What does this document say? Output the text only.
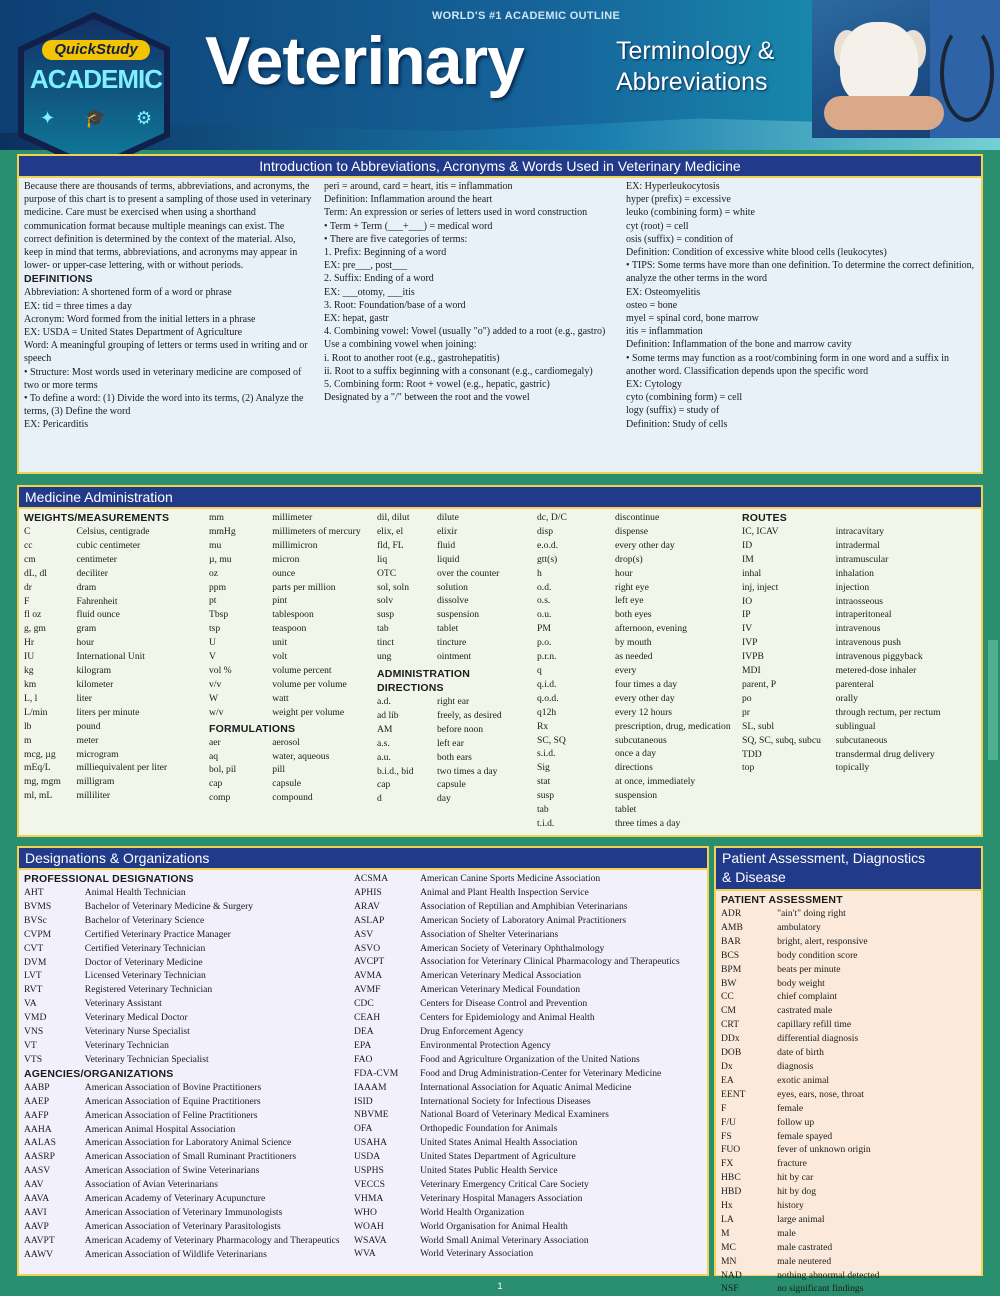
WORLD'S #1 ACADEMIC OUTLINE
Veterinary	Terminology &
Abbreviations
QuickStudy
ACADEMIC
✦ 🎓 ⚙
Introduction to Abbreviations, Acronyms & Words Used in Veterinary Medicine
Because there are thousands of terms, abbreviations, and acronyms, the purpose of this chart is to present a sampling of those used in veterinary medicine. Care must be exercised when using a shorthand communication format because multiple meanings can exist. The correct definition is determined by the context of the material. Also, keep in mind that terms, abbreviations, and acronyms may appear in lower- or upper-case lettering, with or without periods.
DEFINITIONS
Abbreviation: A shortened form of a word or phrase
EX: tid = three times a day
Acronym: Word formed from the initial letters in a phrase
EX: USDA = United States Department of Agriculture
Word: A meaningful grouping of letters or terms used in writing and or speech
• Structure: Most words used in veterinary medicine are composed of two or more terms
• To define a word: (1) Divide the word into its terms, (2) Analyze the terms, (3) Define the word
EX: Pericarditis
peri = around, card = heart, itis = inflammation
Definition: Inflammation around the heart
Term: An expression or series of letters used in word construction
• Term + Term (___+___) = medical word
• There are five categories of terms:
1. Prefix: Beginning of a word
EX: pre___, post___
2. Suffix: Ending of a word
EX: ___otomy, ___itis
3. Root: Foundation/base of a word
EX: hepat, gastr
4. Combining vowel: Vowel (usually "o") added to a root (e.g., gastro)
Use a combining vowel when joining:
i. Root to another root (e.g., gastrohepatitis)
ii. Root to a suffix beginning with a consonant (e.g., cardiomegaly)
5. Combining form: Root + vowel (e.g., hepatic, gastric)
Designated by a "/" between the root and the vowel
EX: Hyperleukocytosis
hyper (prefix) = excessive
leuko (combining form) = white
cyt (root) = cell
osis (suffix) = condition of
Definition: Condition of excessive white blood cells (leukocytes)
• TIPS: Some terms have more than one definition. To determine the correct definition, analyze the other terms in the word
EX: Osteomyelitis
osteo = bone
myel = spinal cord, bone marrow
itis = inflammation
Definition: Inflammation of the bone and marrow cavity
• Some terms may function as a root/combining form in one word and a suffix in another word. Classification depends upon the specific word
EX: Cytology
cyto (combining form) = cell
logy (suffix) = study of
Definition: Study of cells
Medicine Administration
WEIGHTS/MEASUREMENTS
C	Celsius, centigrade
cc	cubic centimeter
cm	centimeter
dL, dl	deciliter
dr	dram
F	Fahrenheit
fl oz	fluid ounce
g, gm	gram
Hr	hour
IU	International Unit
kg	kilogram
km	kilometer
L, l	liter
L/min	liters per minute
lb	pound
m	meter
mcg, µg	microgram
mEq/L	milliequivalent per liter
mg, mgm	milligram
ml, mL	milliliter
mm	millimeter
mmHg	millimeters of mercury
mu	millimicron
µ, mu	micron
oz	ounce
ppm	parts per million
pt	pint
Tbsp	tablespoon
tsp	teaspoon
U	unit
V	volt
vol %	volume percent
v/v	volume per volume
W	watt
w/v	weight per volume
FORMULATIONS
aer	aerosol
aq	water, aqueous
bol, pil	pill
cap	capsule
comp	compound
dil, dilut	dilute
elix, el	elixir
fld, FL	fluid
liq	liquid
OTC	over the counter
sol, soln	solution
solv	dissolve
susp	suspension
tab	tablet
tinct	tincture
ung	ointment
ADMINISTRATION
DIRECTIONS
a.d.	right ear
ad lib	freely, as desired
AM	before noon
a.s.	left ear
a.u.	both ears
b.i.d., bid	two times a day
cap	capsule
d	day
dc, D/C	discontinue
disp	dispense
e.o.d.	every other day
gtt(s)	drop(s)
h	hour
o.d.	right eye
o.s.	left eye
o.u.	both eyes
PM	afternoon, evening
p.o.	by mouth
p.r.n.	as needed
q	every
q.i.d.	four times a day
q.o.d.	every other day
q12h	every 12 hours
Rx	prescription, drug, medication
SC, SQ	subcutaneous
s.i.d.	once a day
Sig	directions
stat	at once, immediately
susp	suspension
tab	tablet
t.i.d.	three times a day
ROUTES
IC, ICAV	intracavitary
ID	intradermal
IM	intramuscular
inhal	inhalation
inj, inject	injection
IO	intraosseous
IP	intraperitoneal
IV	intravenous
IVP	intravenous push
IVPB	intravenous piggyback
MDI	metered-dose inhaler
parent, P	parenteral
po	orally
pr	through rectum, per rectum
SL, subl	sublingual
SQ, SC, subq, subcu	subcutaneous
TDD	transdermal drug delivery
top	topically
Designations & Organizations
PROFESSIONAL DESIGNATIONS
AHT	Animal Health Technician
BVMS	Bachelor of Veterinary Medicine & Surgery
BVSc	Bachelor of Veterinary Science
CVPM	Certified Veterinary Practice Manager
CVT	Certified Veterinary Technician
DVM	Doctor of Veterinary Medicine
LVT	Licensed Veterinary Technician
RVT	Registered Veterinary Technician
VA	Veterinary Assistant
VMD	Veterinary Medical Doctor
VNS	Veterinary Nurse Specialist
VT	Veterinary Technician
VTS	Veterinary Technician Specialist
AGENCIES/ORGANIZATIONS
AABP	American Association of Bovine Practitioners
AAEP	American Association of Equine Practitioners
AAFP	American Association of Feline Practitioners
AAHA	American Animal Hospital Association
AALAS	American Association for Laboratory Animal Science
AASRP	American Association of Small Ruminant Practitioners
AASV	American Association of Swine Veterinarians
AAV	Association of Avian Veterinarians
AAVA	American Academy of Veterinary Acupuncture
AAVI	American Association of Veterinary Immunologists
AAVP	American Association of Veterinary Parasitologists
AAVPT	American Academy of Veterinary Pharmacology and Therapeutics
AAWV	American Association of Wildlife Veterinarians
ACSMA	American Canine Sports Medicine Association
APHIS	Animal and Plant Health Inspection Service
ARAV	Association of Reptilian and Amphibian Veterinarians
ASLAP	American Society of Laboratory Animal Practitioners
ASV	Association of Shelter Veterinarians
ASVO	American Society of Veterinary Ophthalmology
AVCPT	Association for Veterinary Clinical Pharmacology and Therapeutics
AVMA	American Veterinary Medical Association
AVMF	American Veterinary Medical Foundation
CDC	Centers for Disease Control and Prevention
CEAH	Centers for Epidemiology and Animal Health
DEA	Drug Enforcement Agency
EPA	Environmental Protection Agency
FAO	Food and Agriculture Organization of the United Nations
FDA-CVM	Food and Drug Administration-Center for Veterinary Medicine
IAAAM	International Association for Aquatic Animal Medicine
ISID	International Society for Infectious Diseases
NBVME	National Board of Veterinary Medical Examiners
OFA	Orthopedic Foundation for Animals
USAHA	United States Animal Health Association
USDA	United States Department of Agriculture
USPHS	United States Public Health Service
VECCS	Veterinary Emergency Critical Care Society
VHMA	Veterinary Hospital Managers Association
WHO	World Health Organization
WOAH	World Organisation for Animal Health
WSAVA	World Small Animal Veterinary Association
WVA	World Veterinary Association
Patient Assessment, Diagnostics
& Disease
PATIENT ASSESSMENT
ADR	"ain't" doing right
AMB	ambulatory
BAR	bright, alert, responsive
BCS	body condition score
BPM	beats per minute
BW	body weight
CC	chief complaint
CM	castrated male
CRT	capillary refill time
DDx	differential diagnosis
DOB	date of birth
Dx	diagnosis
EA	exotic animal
EENT	eyes, ears, nose, throat
F	female
F/U	follow up
FS	female spayed
FUO	fever of unknown origin
FX	fracture
HBC	hit by car
HBD	hit by dog
Hx	history
LA	large animal
M	male
MC	male castrated
MN	male neutered
NAD	nothing abnormal detected
NSF	no significant findings
1
